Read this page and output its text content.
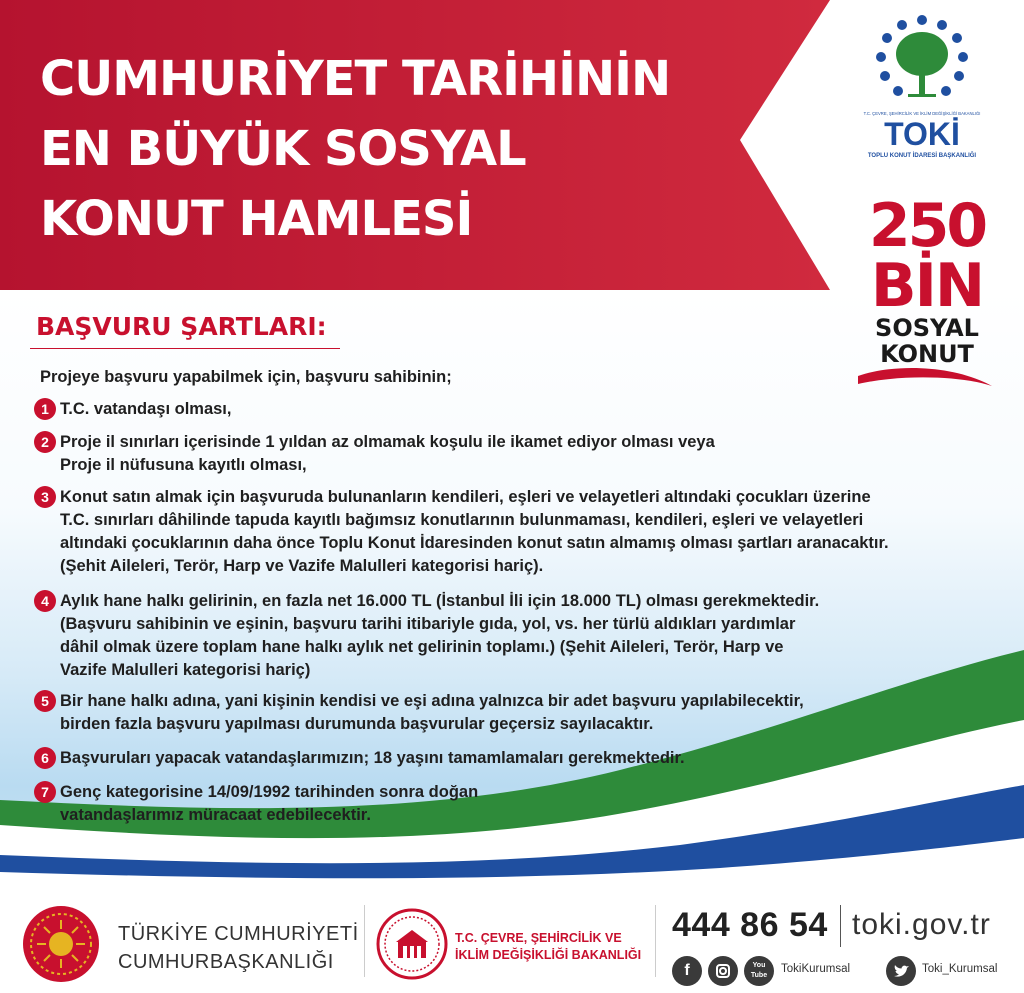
CUMHURİYET TARİHİNİN
EN BÜYÜK SOSYAL
KONUT HAMLESİ
T.C. ÇEVRE, ŞEHİRCİLİK VE İKLİM DEĞİŞİKLİĞİ BAKANLIĞI
TOKİ
TOPLU KONUT İDARESİ BAŞKANLIĞI
250
BİN
SOSYAL
KONUT
BAŞVURU ŞARTLARI:
Projeye başvuru yapabilmek için, başvuru sahibinin;
1 T.C. vatandaşı olması,
2 Proje il sınırları içerisinde 1 yıldan az olmamak koşulu ile ikamet ediyor olması veya
Proje il nüfusuna kayıtlı olması,
3 Konut satın almak için başvuruda bulunanların kendileri, eşleri ve velayetleri altındaki çocukları üzerine
T.C. sınırları dâhilinde tapuda kayıtlı bağımsız konutlarının bulunmaması, kendileri, eşleri ve velayetleri
altındaki çocuklarının daha önce Toplu Konut İdaresinden konut satın almamış olması şartları aranacaktır.
(Şehit Aileleri, Terör, Harp ve Vazife Malulleri kategorisi hariç).
4 Aylık hane halkı gelirinin, en fazla net 16.000 TL (İstanbul İli için 18.000 TL) olması gerekmektedir.
(Başvuru sahibinin ve eşinin, başvuru tarihi itibariyle gıda, yol, vs. her türlü aldıkları yardımlar
dâhil olmak üzere toplam hane halkı aylık net gelirinin toplamı.) (Şehit Aileleri, Terör, Harp ve
Vazife Malulleri kategorisi hariç)
5 Bir hane halkı adına, yani kişinin kendisi ve eşi adına yalnızca bir adet başvuru yapılabilecektir,
birden fazla başvuru yapılması durumunda başvurular geçersiz sayılacaktır.
6 Başvuruları yapacak vatandaşlarımızın; 18 yaşını tamamlamaları gerekmektedir.
7 Genç kategorisine 14/09/1992 tarihinden sonra doğan
vatandaşlarımız müracaat edebilecektir.
TÜRKİYE CUMHURİYETİ
CUMHURBAŞKANLIĞI
T.C. ÇEVRE, ŞEHİRCİLİK VE
İKLİM DEĞİŞİKLİĞİ BAKANLIĞI
444 86 54 toki.gov.tr
f	You Tube
TokiKurumsal	Toki_Kurumsal
